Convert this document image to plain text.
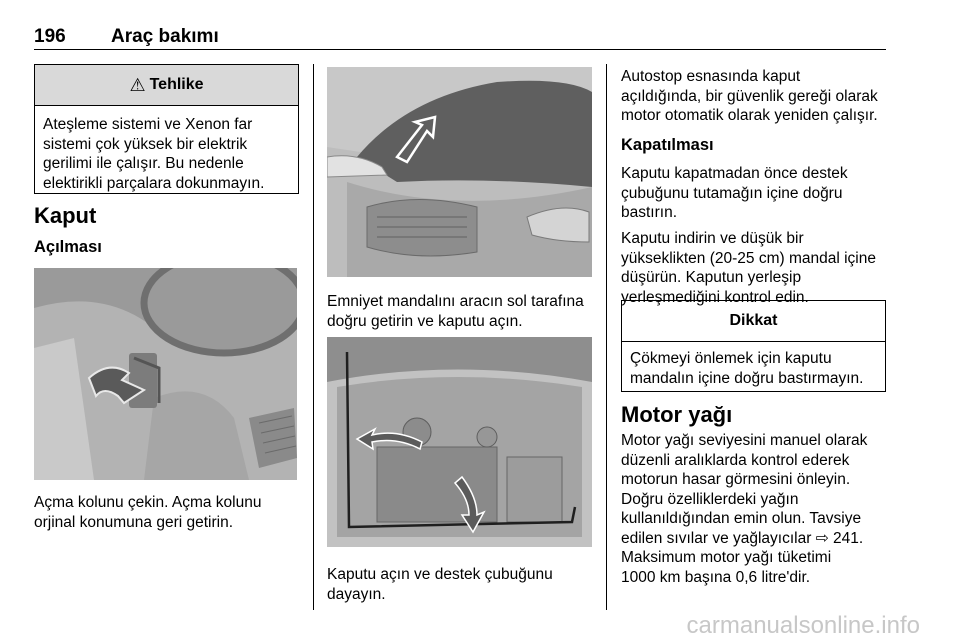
196 Araç bakımı
⚠ Tehlike
Ateşleme sistemi ve Xenon far
sistemi çok yüksek bir elektrik
gerilimi ile çalışır. Bu nedenle
elektirikli parçalara dokunmayın.
Kaput
Açılması
Açma kolunu çekin. Açma kolunu
orjinal konumuna geri getirin.
Emniyet mandalını aracın sol tarafına
doğru getirin ve kaputu açın.
Kaputu açın ve destek çubuğunu
dayayın.
Autostop esnasında kaput
açıldığında, bir güvenlik gereği olarak
motor otomatik olarak yeniden çalışır.
Kapatılması
Kaputu kapatmadan önce destek
çubuğunu tutamağın içine doğru
bastırın.
Kaputu indirin ve düşük bir
yükseklikten (20-25 cm) mandal içine
düşürün. Kaputun yerleşip
yerleşmediğini kontrol edin.
Dikkat
Çökmeyi önlemek için kaputu
mandalın içine doğru bastırmayın.
Motor yağı
Motor yağı seviyesini manuel olarak
düzenli aralıklarda kontrol ederek
motorun hasar görmesini önleyin.
Doğru özelliklerdeki yağın
kullanıldığından emin olun. Tavsiye
edilen sıvılar ve yağlayıcılar ⇨ 241.
Maksimum motor yağı tüketimi
1000 km başına 0,6 litre'dir.
carmanualsonline.info
